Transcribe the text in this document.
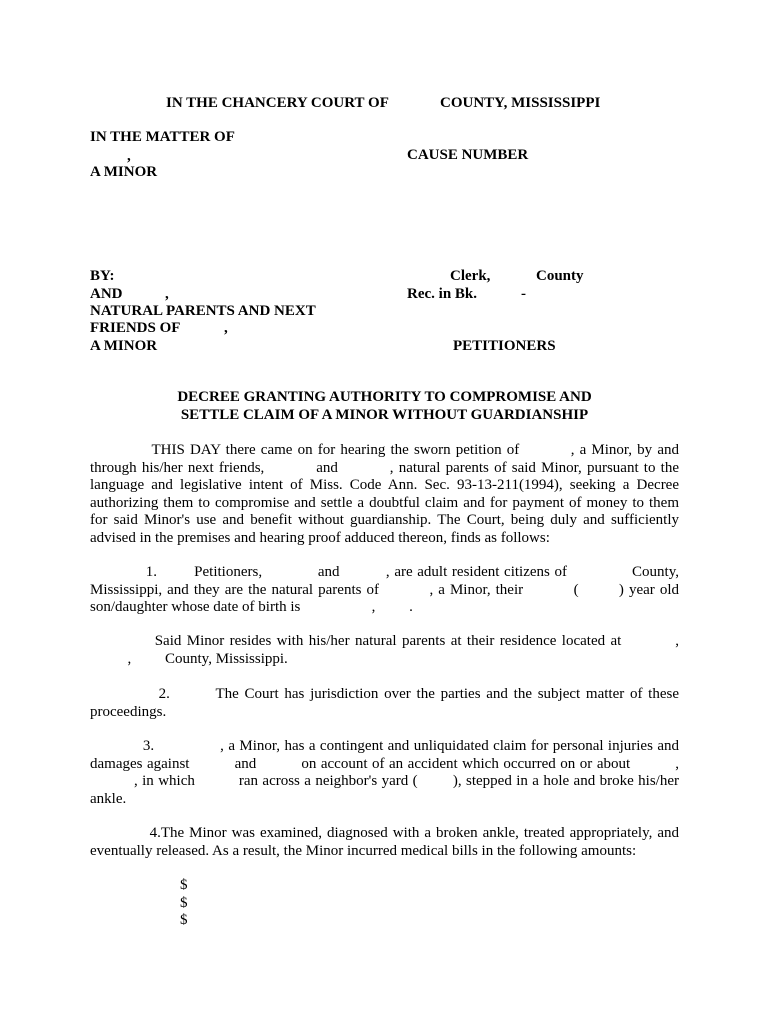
IN THE CHANCERY COURT OF	COUNTY, MISSISSIPPI
IN THE MATTER OF
,	CAUSE NUMBER
A MINOR
BY:	Clerk,	County
AND	,	Rec. in Bk.	-
NATURAL PARENTS AND NEXT
FRIENDS OF	,
A MINOR	PETITIONERS
DECREE GRANTING AUTHORITY TO COMPROMISE AND
SETTLE CLAIM OF A MINOR WITHOUT GUARDIANSHIP
THIS DAY there came on for hearing the sworn petition of          , a Minor, by and
through his/her next friends,          and          , natural parents of said Minor, pursuant to the
language and legislative intent of Miss. Code Ann. Sec. 93-13-211(1994), seeking a Decree
authorizing them to compromise and settle a doubtful claim and for payment of money to them
for said Minor's use and benefit without guardianship. The Court, being duly and sufficiently
advised in the premises and hearing proof adduced thereon, finds as follows:
1.        Petitioners,            and          , are adult resident citizens of              County,
Mississippi, and they are the natural parents of          , a Minor, their          (        ) year old
son/daughter whose date of birth is                   ,         .
Said Minor resides with his/her natural parents at their residence located at          ,
,         County, Mississippi.
2.        The Court has jurisdiction over the parties and the subject matter of these
proceedings.
3.               , a Minor, has a contingent and unliquidated claim for personal injuries and
damages against          and          on account of an accident which occurred on or about          ,
, in which          ran across a neighbor's yard (        ), stepped in a hole and broke his/her
ankle.
4.The Minor was examined, diagnosed with a broken ankle, treated appropriately, and
eventually released. As a result, the Minor incurred medical bills in the following amounts:
$
$
$
